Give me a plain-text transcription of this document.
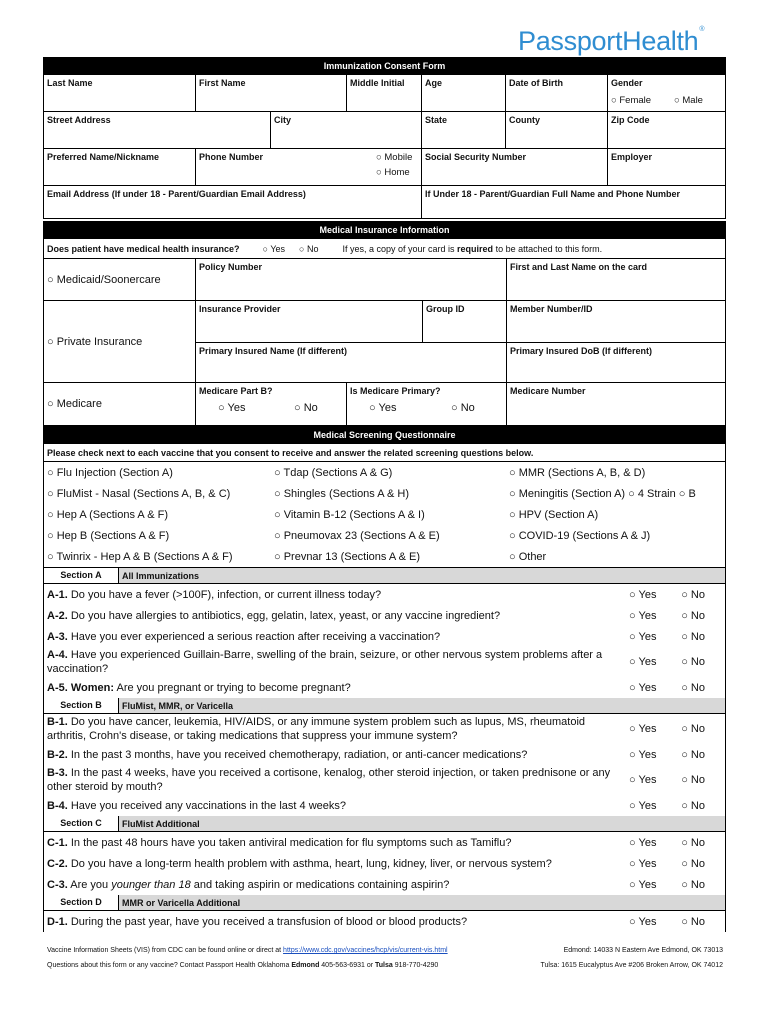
PassportHealth®
Immunization Consent Form
Last Name	First Name	Middle Initial	Age	Date of Birth	Gender
○ Female ○ Male
Street Address	City	State	County	Zip Code
Preferred Name/Nickname	Phone Number	○ Mobile
○ Home
Social Security Number	Employer
Email Address (If under 18 - Parent/Guardian Email Address)	If Under 18 - Parent/Guardian Full Name and Phone Number
Medical Insurance Information
Does patient have medical health insurance?	○ Yes ○ No	If yes, a copy of your card is required to be attached to this form.
○ Medicaid/Soonercare
Policy Number	First and Last Name on the card
○ Private Insurance
Insurance Provider	Group ID	Member Number/ID
Primary Insured Name (If different)	Primary Insured DoB (If different)
○ Medicare
Medicare Part B?
○ Yes	○ No
Is Medicare Primary?
○ Yes	○ No
Medicare Number
Medical Screening Questionnaire
Please check next to each vaccine that you consent to receive and answer the related screening questions below.
○ Flu Injection (Section A)	○ Tdap (Sections A & G)	○ MMR (Sections A, B, & D)
○ FluMist - Nasal (Sections A, B, & C)	○ Shingles (Sections A & H)	○ Meningitis (Section A) ○ 4 Strain ○ B
○ Hep A (Sections A & F)	○ Vitamin B-12 (Sections A & I)	○ HPV (Section A)
○ Hep B (Sections A & F)	○ Pneumovax 23 (Sections A & E)	○ COVID-19 (Sections A & J)
○ Twinrix - Hep A & B (Sections A & F)	○ Prevnar 13 (Sections A & E)	○ Other
Section A	All Immunizations
A-1. Do you have a fever (>100F), infection, or current illness today?	○ Yes ○ No
A-2. Do you have allergies to antibiotics, egg, gelatin, latex, yeast, or any vaccine ingredient?	○ Yes ○ No
A-3. Have you ever experienced a serious reaction after receiving a vaccination?	○ Yes ○ No
A-4. Have you experienced Guillain-Barre, swelling of the brain, seizure, or other nervous system problems after a vaccination?
○ Yes ○ No
A-5. Women: Are you pregnant or trying to become pregnant?	○ Yes ○ No
Section B	FluMist, MMR, or Varicella
B-1. Do you have cancer, leukemia, HIV/AIDS, or any immune system problem such as lupus, MS, rheumatoid arthritis, Crohn's disease, or taking medications that suppress your immune system?
○ Yes ○ No
B-2. In the past 3 months, have you received chemotherapy, radiation, or anti-cancer medications?	○ Yes ○ No
B-3. In the past 4 weeks, have you received a cortisone, kenalog, other steroid injection, or taken prednisone or any other steroid by mouth?
○ Yes ○ No
B-4. Have you received any vaccinations in the last 4 weeks?	○ Yes ○ No
Section C	FluMist Additional
C-1. In the past 48 hours have you taken antiviral medication for flu symptoms such as Tamiflu?	○ Yes ○ No
C-2. Do you have a long-term health problem with asthma, heart, lung, kidney, liver, or nervous system?	○ Yes ○ No
C-3. Are you younger than 18 and taking aspirin or medications containing aspirin?	○ Yes ○ No
Section D	MMR or Varicella Additional
D-1. During the past year, have you received a transfusion of blood or blood products?	○ Yes ○ No
Vaccine Information Sheets (VIS) from CDC can be found online or direct at https://www.cdc.gov/vaccines/hcp/vis/current-vis.html	Edmond: 14033 N Eastern Ave Edmond, OK 73013
Questions about this form or any vaccine? Contact Passport Health Oklahoma Edmond 405-563-6931 or Tulsa 918-770-4290	Tulsa: 1615 Eucalyptus Ave #206 Broken Arrow, OK 74012
